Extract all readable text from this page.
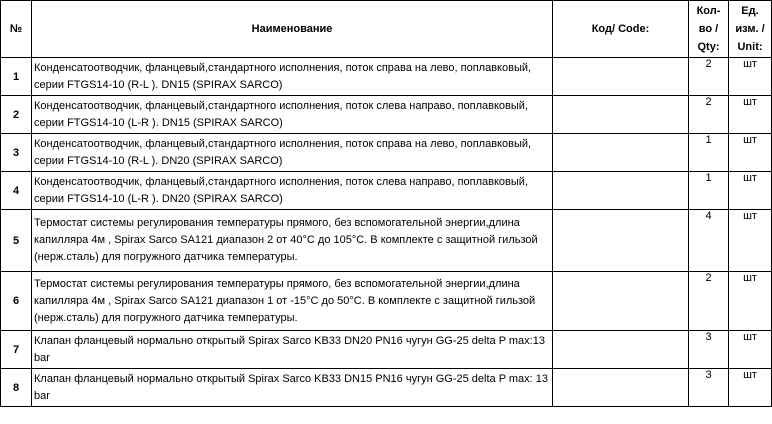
№	Наименование	Код/ Code:	Кол-во / Qty:	Ед. изм. / Unit:
1	Конденсатоотводчик, фланцевый,стандартного исполнения, поток справа на лево, поплавковый, серии FTGS14-10 (R-L ). DN15 (SPIRAX SARCO)		2	шт
2	Конденсатоотводчик, фланцевый,стандартного исполнения, поток слева направо, поплавковый, серии FTGS14-10 (L-R ). DN15 (SPIRAX SARCO)		2	шт
3	Конденсатоотводчик, фланцевый,стандартного исполнения, поток справа на лево, поплавковый, серии FTGS14-10 (R-L ). DN20 (SPIRAX SARCO)		1	шт
4	Конденсатоотводчик, фланцевый,стандартного исполнения, поток слева направо, поплавковый, серии FTGS14-10 (L-R ). DN20 (SPIRAX SARCO)		1	шт
5	Термостат системы регулирования температуры прямого, без вспомогательной энергии,длина капилляра 4м , Spirax Sarco SA121 диапазон 2 от 40°C до 105°C. В комплекте с защитной гильзой (нерж.сталь) для погружного датчика температуры.		4	шт
6	Термостат системы регулирования температуры прямого, без вспомогательной энергии,длина капилляра 4м , Spirax Sarco SA121 диапазон 1 от -15°C до 50°C. В комплекте с защитной гильзой (нерж.сталь) для погружного датчика температуры.		2	шт
7	Клапан фланцевый нормально открытый Spirax Sarco KB33 DN20 PN16 чугун GG-25 delta P max:13 bar		3	шт
8	Клапан фланцевый нормально открытый Spirax Sarco KB33 DN15 PN16 чугун GG-25 delta P max: 13 bar		3	шт
